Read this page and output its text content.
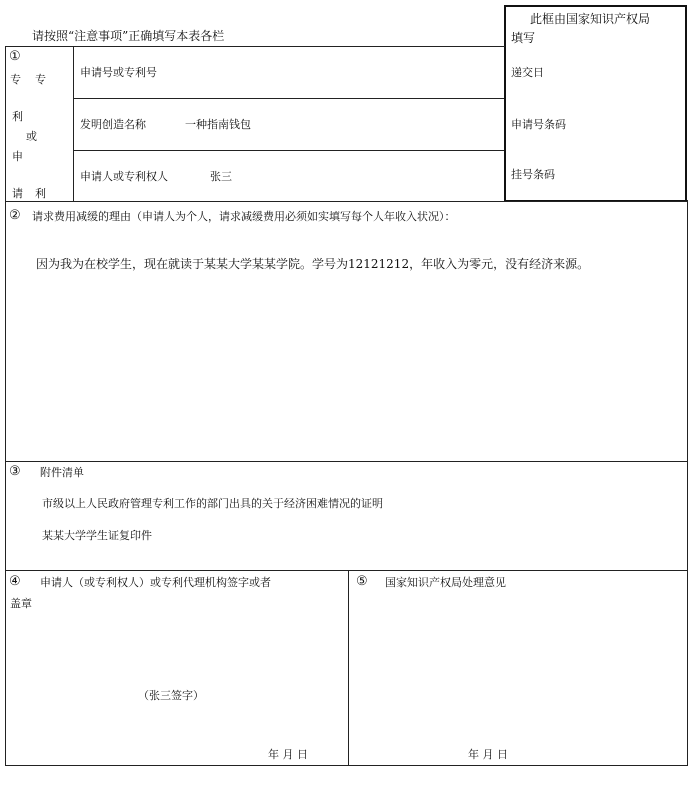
请按照“注意事项”正确填写本表各栏
此框由国家知识产权局
填写
①
专 专
利
或
申
请 利
申请号或专利号
发明创造名称	一种指南钱包
申请人或专利权人	张三
递交日
申请号条码
挂号条码
② 请求费用减缓的理由（申请人为个人，请求减缓费用必须如实填写每个人年收入状况）：
因为我为在校学生，现在就读于某某大学某某学院。学号为12121212，年收入为零元，没有经济来源。
③ 附件清单
市级以上人民政府管理专利工作的部门出具的关于经济困难情况的证明
某某大学学生证复印件
④ 申请人（或专利权人）或专利代理机构签字或者
盖章
（张三签字）
年 月 日
⑤ 国家知识产权局处理意见
年 月 日
